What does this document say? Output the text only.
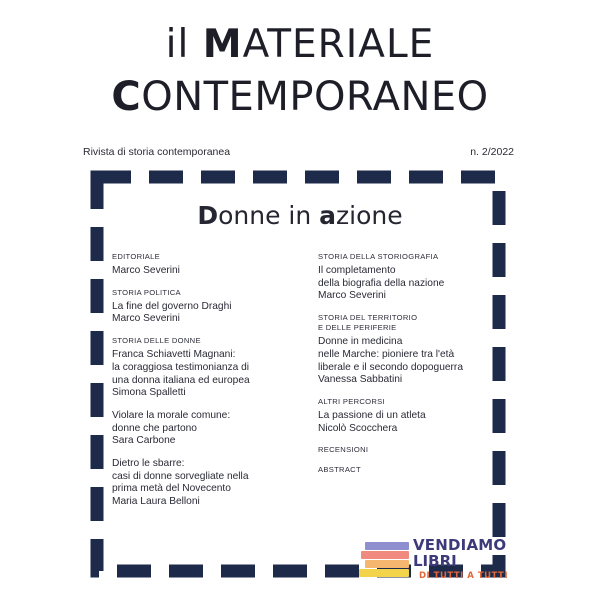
il MATERIALE
CONTEMPORANEO
Rivista di storia contemporanea	n. 2/2022
Donne in azione
EDITORIALE
Marco Severini
STORIA POLITICA
La fine del governo Draghi
Marco Severini
STORIA DELLE DONNE
Franca Schiavetti Magnani:
la coraggiosa testimonianza di
una donna italiana ed europea
Simona Spalletti
Violare la morale comune:
donne che partono
Sara Carbone
Dietro le sbarre:
casi di donne sorvegliate nella
prima metà del Novecento
Maria Laura Belloni
STORIA DELLA STORIOGRAFIA
Il completamento
della biografia della nazione
Marco Severini
STORIA DEL TERRITORIO
E DELLE PERIFERIE
Donne in medicina
nelle Marche: pioniere tra l'età
liberale e il secondo dopoguerra
Vanessa Sabbatini
ALTRI PERCORSI
La passione di un atleta
Nicolò Scocchera
RECENSIONI
ABSTRACT
VENDIAMO
LIBRI
DI TUTTI A TUTTI
